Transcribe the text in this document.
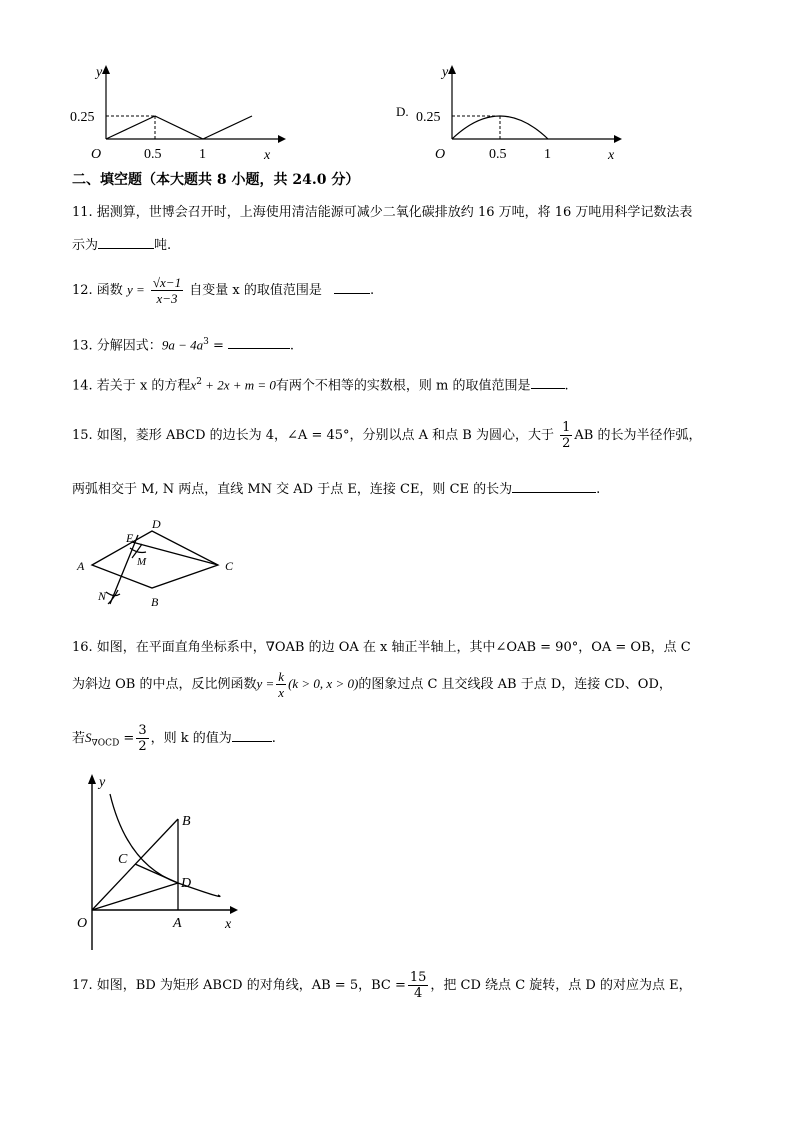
y
x
O
0.25
0.5	1
D.
y
x
O
0.25
0.5	1
二、填空题（本大题共 8 小题，共 24.0 分）
11. 据测算，世博会召开时，上海使用清洁能源可减少二氧化碳排放约 16 万吨，将 16 万吨用科学记数法表
示为	吨.
12. 函数 $y = \frac{√x-1}{x-3}$ 自变量 x 的取值范围是	.
13. 分解因式：$9a - 4a^3$ =	.
14. 若关于 x 的方程$x^2 + 2x + m = 0$有两个不相等的实数根，则 m 的取值范围是	.
15. 如图，菱形 ABCD 的边长为 4，∠A = 45°，分别以点 A 和点 B 为圆心，大于 $\frac{1}{2}$ AB 的长为半径作弧，
两弧相交于 M, N 两点，直线 MN 交 AD 于点 E，连接 CE，则 CE 的长为	.
A
D
C
B
E
M
N
16. 如图，在平面直角坐标系中，∇OAB 的边 OA 在 x 轴正半轴上，其中∠OAB = 90°，OA = OB，点 C
为斜边 OB 的中点，反比例函数$y = \frac{k}{x} (k > 0$, x > 0)的图象过点 C 且交线段 AB 于点 D，连接 CD、OD，
若$S_{\nabla OCD} = \frac{3}{2}$ ，则 k 的值为	.
y
x
O	A
B
C
D
17. 如图，BD 为矩形 ABCD 的对角线，AB = 5，BC = $\frac{15}{4}$ ，把 CD 绕点 C 旋转，点 D 的对应为点 E，
